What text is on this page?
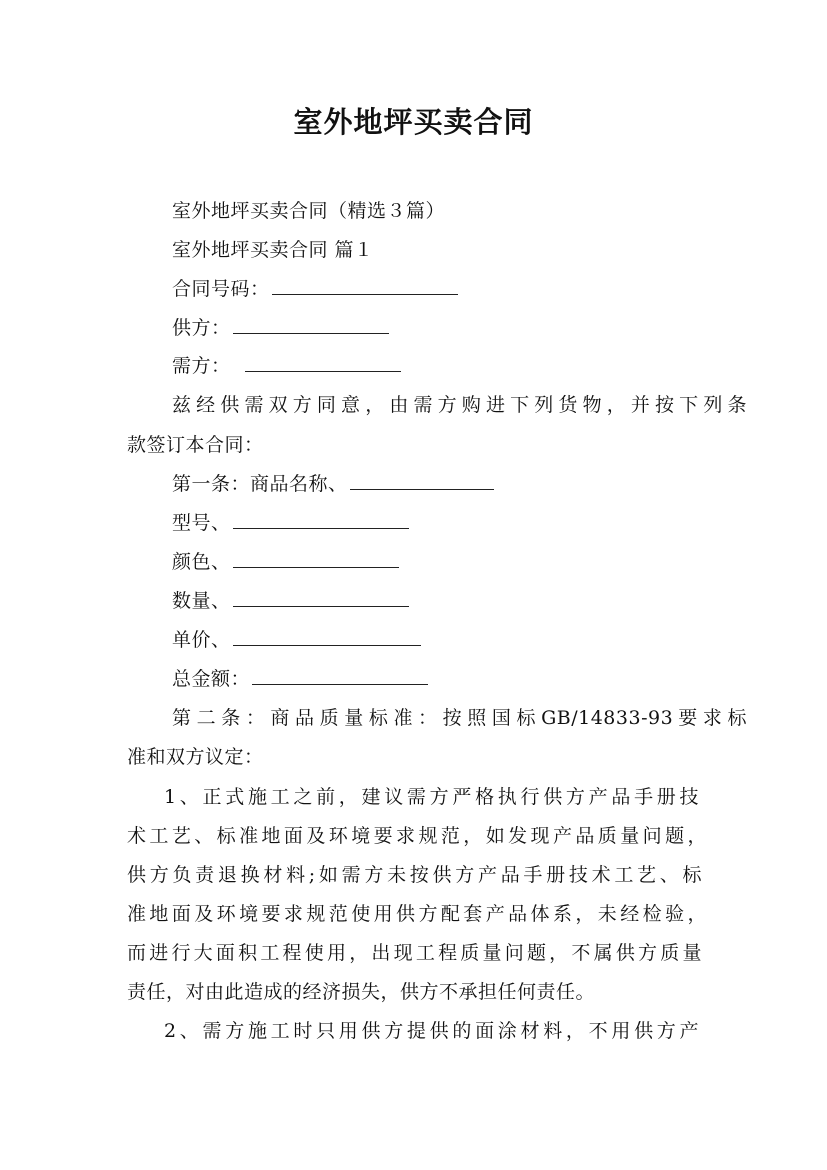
室外地坪买卖合同
室外地坪买卖合同（精选３篇）
室外地坪买卖合同 篇１
合同号码：
供方：
需方：
兹经供需双方同意，由需方购进下列货物，并按下列条
款签订本合同：
第一条：商品名称、
型号、
颜色、
数量、
单价、
总金额：
第二条：商品质量标准：按照国标GB/14833-93要求标
准和双方议定：
1、正式施工之前，建议需方严格执行供方产品手册技
术工艺、标准地面及环境要求规范，如发现产品质量问题，
供方负责退换材料;如需方未按供方产品手册技术工艺、标
准地面及环境要求规范使用供方配套产品体系，未经检验，
而进行大面积工程使用，出现工程质量问题，不属供方质量
责任，对由此造成的经济损失，供方不承担任何责任。
2、需方施工时只用供方提供的面涂材料，不用供方产
